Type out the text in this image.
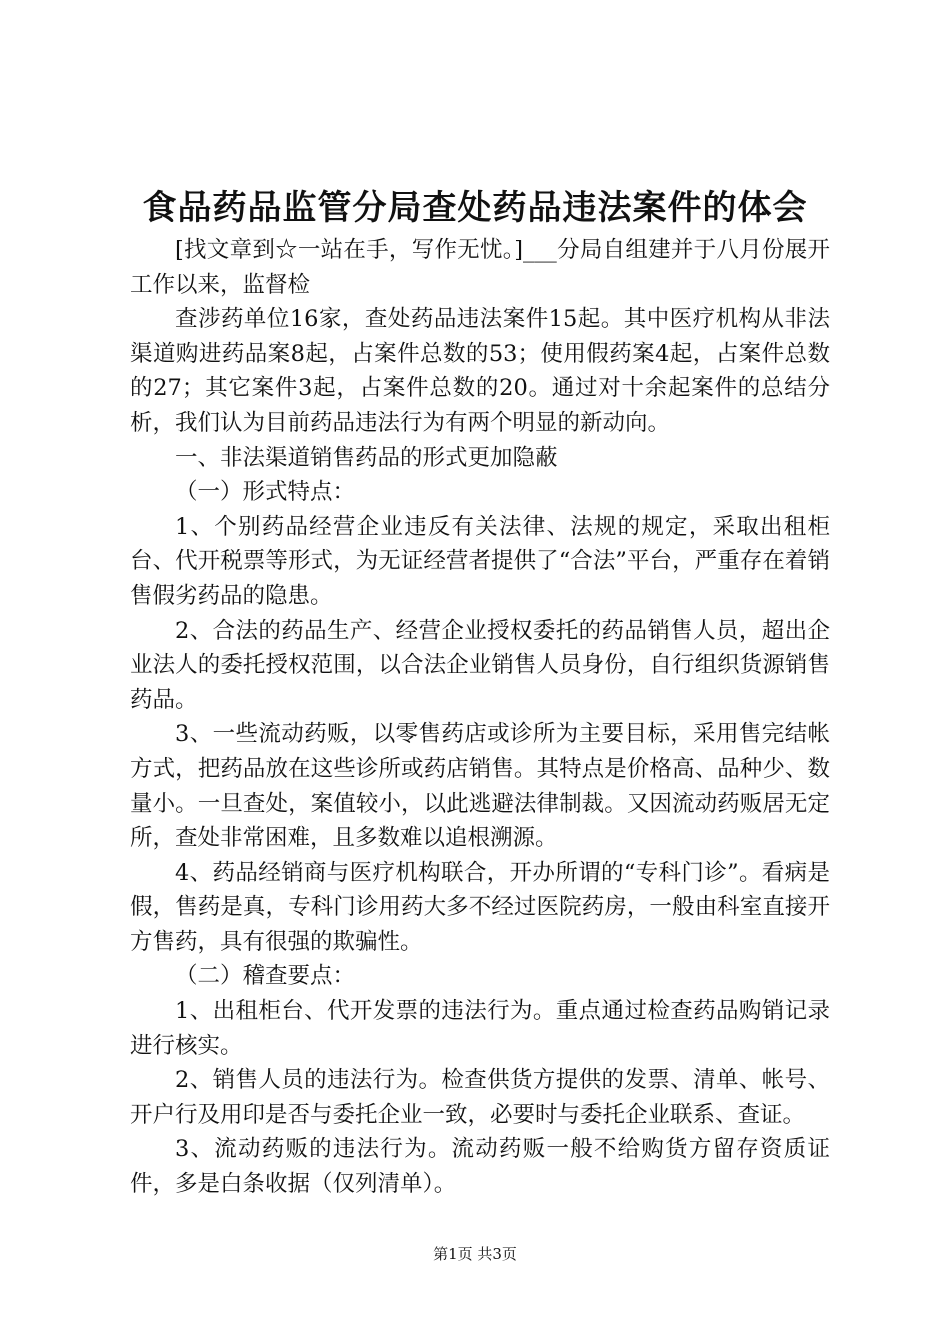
食品药品监管分局查处药品违法案件的体会

[找文章到☆一站在手，写作无忧。]___分局自组建并于八月份展开工作以来，监督检

查涉药单位16家，查处药品违法案件15起。其中医疗机构从非法渠道购进药品案8起，占案件总数的53；使用假药案4起，占案件总数的27；其它案件3起，占案件总数的20。通过对十余起案件的总结分析，我们认为目前药品违法行为有两个明显的新动向。

一、非法渠道销售药品的形式更加隐蔽

（一）形式特点：

1、个别药品经营企业违反有关法律、法规的规定，采取出租柜台、代开税票等形式，为无证经营者提供了“合法”平台，严重存在着销售假劣药品的隐患。

2、合法的药品生产、经营企业授权委托的药品销售人员，超出企业法人的委托授权范围，以合法企业销售人员身份，自行组织货源销售药品。

3、一些流动药贩，以零售药店或诊所为主要目标，采用售完结帐方式，把药品放在这些诊所或药店销售。其特点是价格高、品种少、数量小。一旦查处，案值较小，以此逃避法律制裁。又因流动药贩居无定所，查处非常困难，且多数难以追根溯源。

4、药品经销商与医疗机构联合，开办所谓的“专科门诊”。看病是假，售药是真，专科门诊用药大多不经过医院药房，一般由科室直接开方售药，具有很强的欺骗性。

（二）稽查要点：

1、出租柜台、代开发票的违法行为。重点通过检查药品购销记录进行核实。

2、销售人员的违法行为。检查供货方提供的发票、清单、帐号、开户行及用印是否与委托企业一致，必要时与委托企业联系、查证。

3、流动药贩的违法行为。流动药贩一般不给购货方留存资质证件，多是白条收据（仅列清单）。

第1页 共3页
